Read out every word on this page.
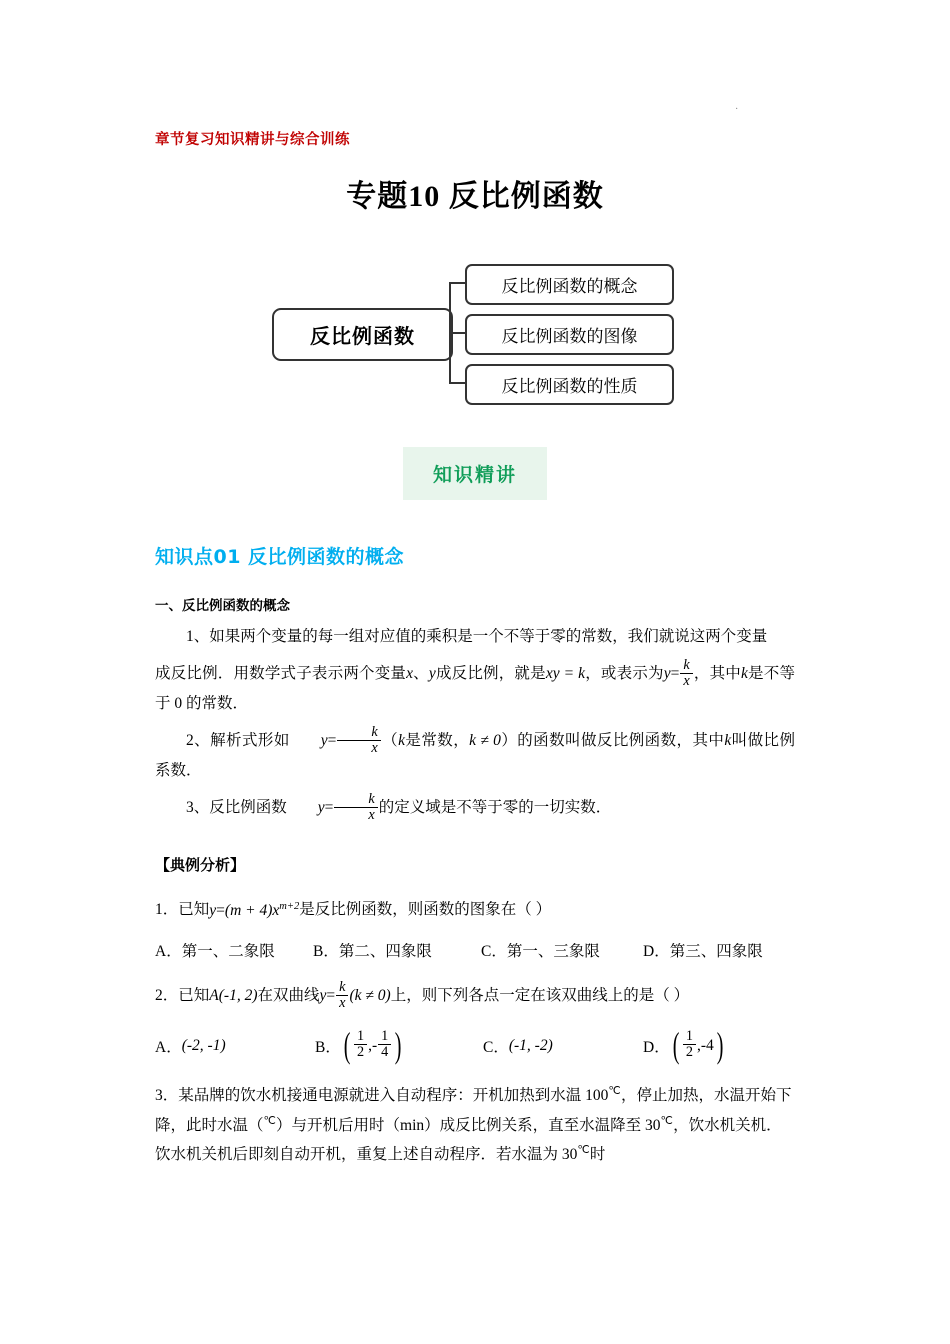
·
章节复习知识精讲与综合训练
专题10 反比例函数
反比例函数
反比例函数的概念
反比例函数的图像
反比例函数的性质
知识精讲
知识点01 反比例函数的概念
一、反比例函数的概念

1、如果两个变量的每一组对应值的乘积是一个不等于零的常数，我们就说这两个变量

成反比例．用数学式子表示两个变量x、y成反比例，就是xy = k，或表示为$y= \frac{k}{x}$ ，其中k是不等于 0 的常数．

2、解析式形如 $y= \frac{k}{x} (k$是常数，k ≠ 0）的函数叫做反比例函数，其中k叫做比例系数．

3、反比例函数 $y= \frac{k}{x}$ 的定义域是不等于零的一切实数．

【典例分析】
1．已知$y=(m + 4)x^{m+2}$是反比例函数，则函数的图象在（ ）
A．第一、二象限	B．第二、四象限	C．第一、三象限	D．第三、四象限
2．已知A(-1, 2)在双曲线$y= \frac{k}{x} (k \ne 0)$上，则下列各点一定在该双曲线上的是（ ）
A． (-2, -1)	B． ( $\frac{1}{2}$ ,- $\frac{1}{4}$ )	C． (-1, -2)	D． ( $\frac{1}{2}$ ,- 4 )
3．某品牌的饮水机接通电源就进入自动程序：开机加热到水温 100℃，停止加热，水温开始下降，此时水温（℃）与开机后用时（min）成反比例关系，直至水温降至 30℃，饮水机关机．饮水机关机后即刻自动开机，重复上述自动程序．若水温为 30℃时
